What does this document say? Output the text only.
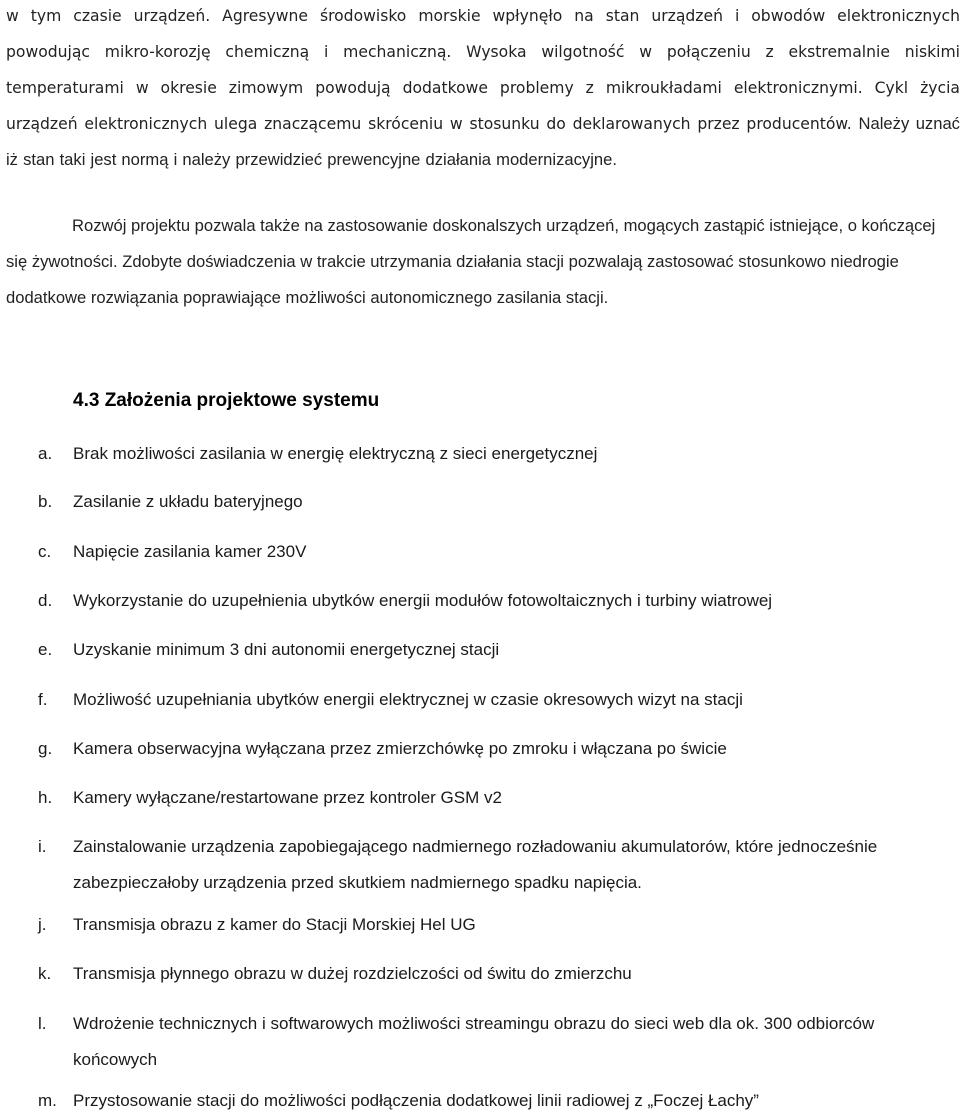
w tym czasie urządzeń. Agresywne środowisko morskie wpłynęło na stan urządzeń i obwodów elektronicznych powodując mikro-korozję chemiczną i mechaniczną. Wysoka wilgotność w połączeniu z ekstremalnie niskimi temperaturami w okresie zimowym powodują dodatkowe problemy z mikroukładami elektronicznymi. Cykl życia urządzeń elektronicznych ulega znaczącemu skróceniu w stosunku do deklarowanych przez producentów. Należy uznać iż stan taki jest normą i należy przewidzieć prewencyjne działania modernizacyjne.
Rozwój projektu pozwala także na zastosowanie doskonalszych urządzeń, mogących zastąpić istniejące, o kończącej się żywotności. Zdobyte doświadczenia w trakcie utrzymania działania stacji pozwalają zastosować stosunkowo niedrogie dodatkowe rozwiązania poprawiające możliwości autonomicznego zasilania stacji.
4.3 Założenia projektowe systemu
a. Brak możliwości zasilania w energię elektryczną z sieci energetycznej
b. Zasilanie z układu bateryjnego
c. Napięcie zasilania kamer 230V
d. Wykorzystanie do uzupełnienia ubytków energii modułów fotowoltaicznych i turbiny wiatrowej
e. Uzyskanie minimum 3 dni autonomii energetycznej stacji
f. Możliwość uzupełniania ubytków energii elektrycznej w czasie okresowych wizyt na stacji
g. Kamera obserwacyjna wyłączana przez zmierzchówkę po zmroku i włączana po świcie
h. Kamery wyłączane/restartowane przez kontroler GSM v2
i. Zainstalowanie urządzenia zapobiegającego nadmiernego rozładowaniu akumulatorów, które jednocześnie zabezpieczałoby urządzenia przed skutkiem nadmiernego spadku napięcia.
j. Transmisja obrazu z kamer do Stacji Morskiej Hel UG
k. Transmisja płynnego obrazu w dużej rozdzielczości od świtu do zmierzchu
l. Wdrożenie technicznych i softwarowych możliwości streamingu obrazu do sieci web dla ok. 300 odbiorców końcowych
m. Przystosowanie stacji do możliwości podłączenia dodatkowej linii radiowej z „Foczej Łachy”
